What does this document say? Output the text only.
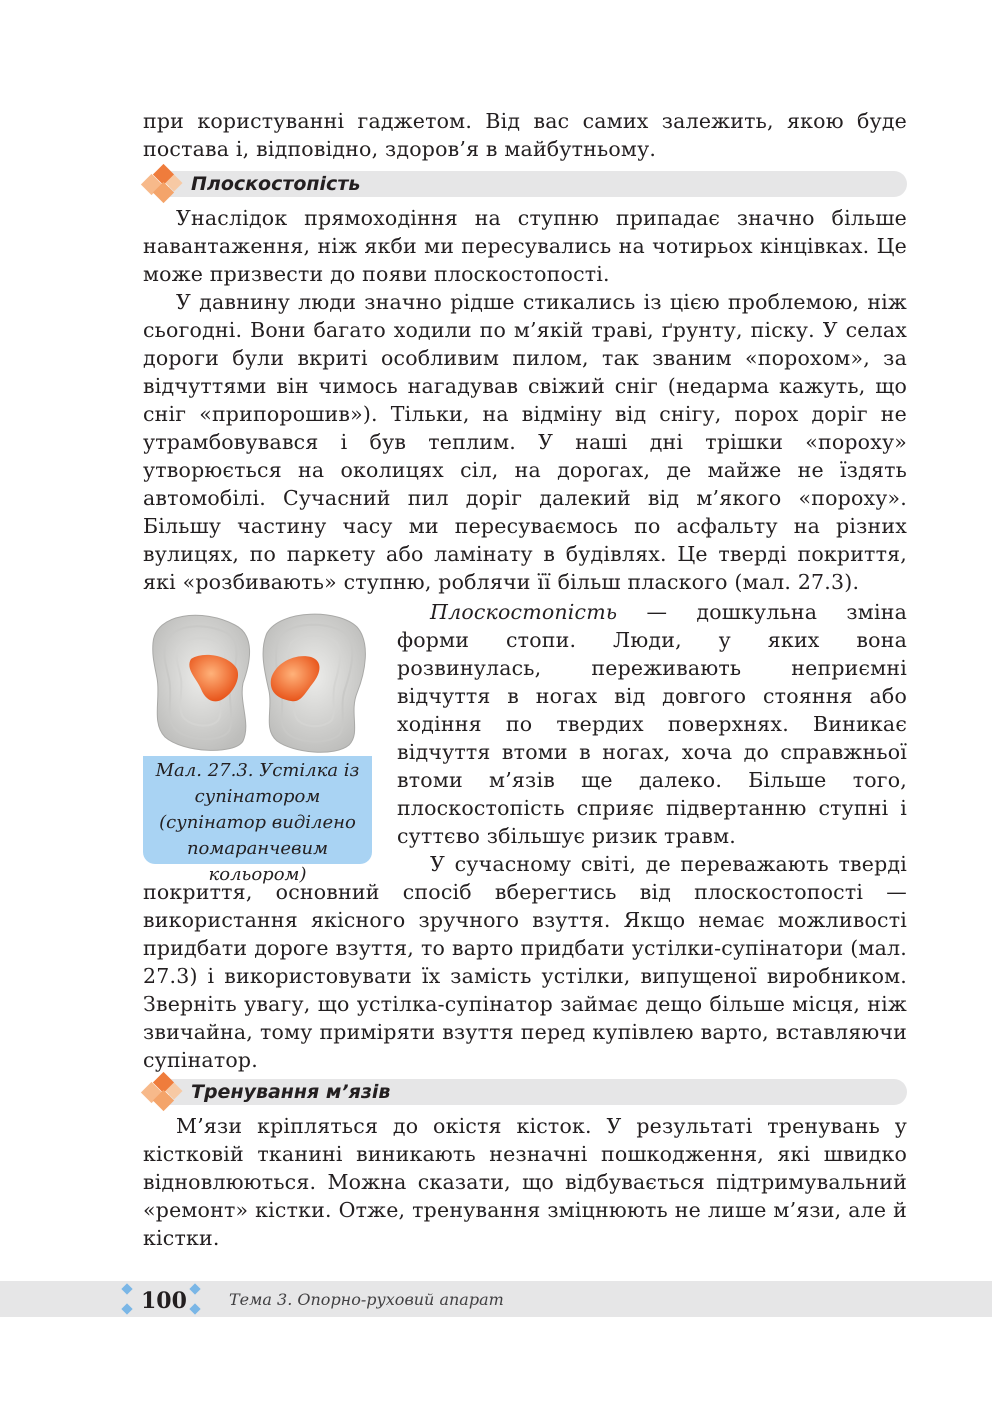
при користуванні гаджетом. Від вас самих залежить, якою буде
постава і, відповідно, здоров’я в майбутньому.

Плоскостопість

Унаслідок прямоходіння на ступню припадає значно більше навантаження, ніж якби ми пересувались на чотирьох кінцівках. Це може призвести до появи плоскостопості.

У давнину люди значно рідше стикались із цією проблемою, ніж сьогодні. Вони багато ходили по м’якій траві, ґрунту, піску. У селах дороги були вкриті особливим пилом, так званим «порохом», за відчуттями він чимось нагадував свіжий сніг (недарма кажуть, що сніг «припорошив»). Тільки, на відміну від снігу, порох доріг не утрамбовувався і був теплим. У наші дні трішки «пороху» утворюється на околицях сіл, на дорогах, де майже не їздять автомобілі. Сучасний пил доріг далекий від м’якого «пороху». Більшу частину часу ми пересуваємось по асфальту на різних вулицях, по паркету або ламінату в будівлях. Це тверді покриття, які «розбивають» ступню, роблячи її більш плаского (мал. 27.3).

Мал. 27.3. Устілка із супінатором (супінатор виділено помаранчевим кольором)

Плоскостопість — дошкульна зміна форми стопи. Люди, у яких вона розвинулась, переживають неприємні відчуття в ногах від довгого стояння або ходіння по твердих поверхнях. Виникає відчуття втоми в ногах, хоча до справжньої втоми м’язів ще далеко. Більше того, плоскостопість сприяє підвертанню ступні і суттєво збільшує ризик травм.

У сучасному світі, де переважають тверді

покриття, основний спосіб вберегтись від плоскостопості — використання якісного зручного взуття. Якщо немає можливості придбати дороге взуття, то варто придбати устілки-супінатори (мал. 27.3) і використовувати їх замість устілки, випущеної виробником. Зверніть увагу, що устілка-супінатор займає дещо більше місця, ніж звичайна, тому приміряти взуття перед купівлею варто, вставляючи супінатор.

Тренування м’язів

М’язи кріпляться до окістя кісток. У результаті тренувань у кістковій тканині виникають незначні пошкодження, які швидко відновлюються. Можна сказати, що відбувається підтримувальний «ремонт» кістки. Отже, тренування зміцнюють не лише м’язи, але й кістки.

100	Тема 3. Опорно-руховий апарат
